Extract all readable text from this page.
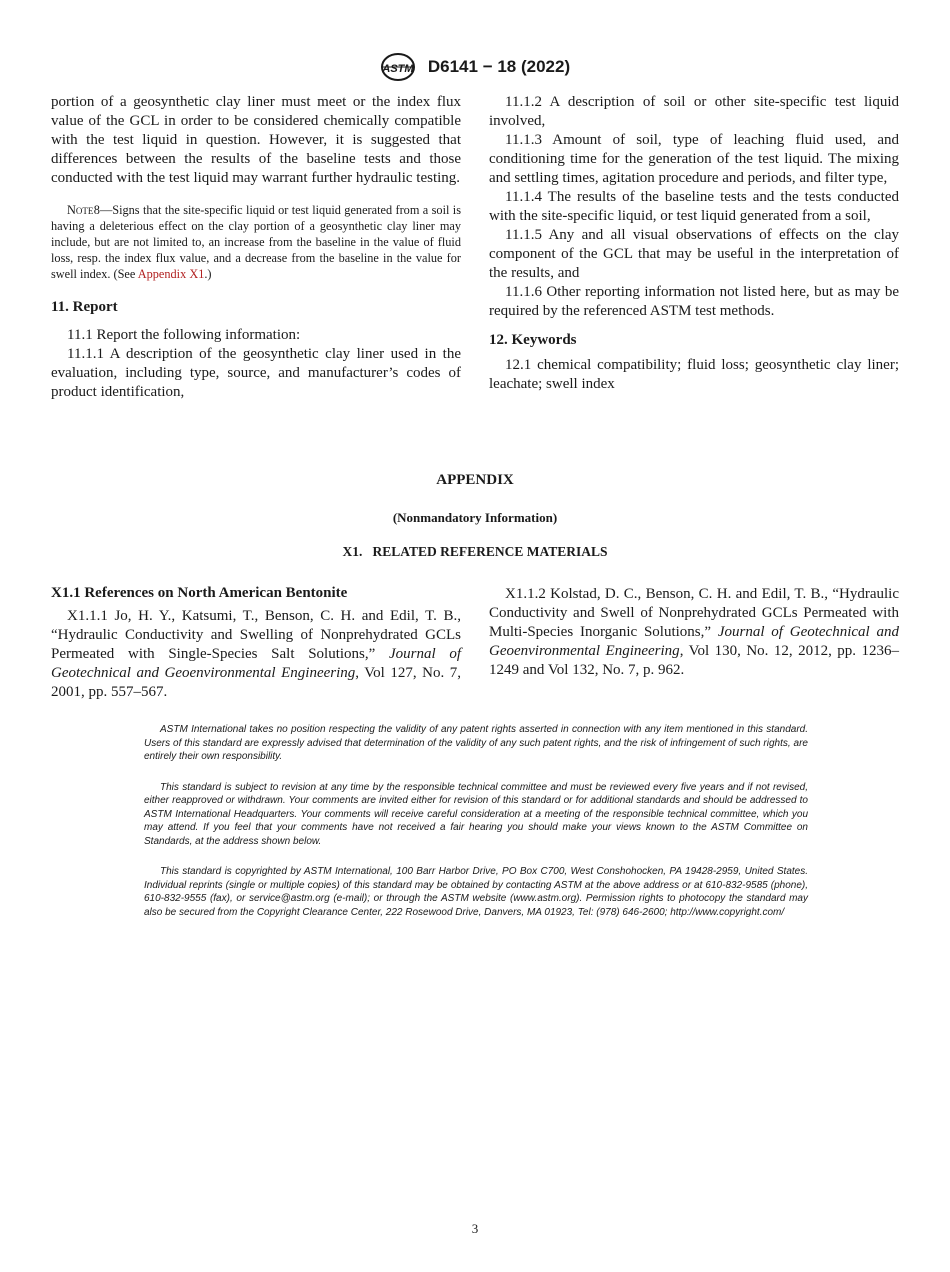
ASTM D6141 − 18 (2022)

portion of a geosynthetic clay liner must meet or the index flux value of the GCL in order to be considered chemically compatible with the test liquid in question. However, it is suggested that differences between the results of the baseline tests and those conducted with the test liquid may warrant further hydraulic testing.

Note 8—Signs that the site-specific liquid or test liquid generated from a soil is having a deleterious effect on the clay portion of a geosynthetic clay liner may include, but are not limited to, an increase from the baseline in the value of fluid loss, resp. the index flux value, and a decrease from the baseline in the value for swell index. (See Appendix X1.)

11. Report

11.1 Report the following information:

11.1.1 A description of the geosynthetic clay liner used in the evaluation, including type, source, and manufacturer’s codes of product identification,

11.1.2 A description of soil or other site-specific test liquid involved,

11.1.3 Amount of soil, type of leaching fluid used, and conditioning time for the generation of the test liquid. The mixing and settling times, agitation procedure and periods, and filter type,

11.1.4 The results of the baseline tests and the tests conducted with the site-specific liquid, or test liquid generated from a soil,

11.1.5 Any and all visual observations of effects on the clay component of the GCL that may be useful in the interpretation of the results, and

11.1.6 Other reporting information not listed here, but as may be required by the referenced ASTM test methods.

12. Keywords

12.1 chemical compatibility; fluid loss; geosynthetic clay liner; leachate; swell index

APPENDIX
(Nonmandatory Information)
X1.   RELATED REFERENCE MATERIALS
X1.1 References on North American Bentonite

X1.1.1 Jo, H. Y., Katsumi, T., Benson, C. H. and Edil, T. B., “Hydraulic Conductivity and Swelling of Nonprehydrated GCLs Permeated with Single-Species Salt Solutions,” Journal of Geotechnical and Geoenvironmental Engineering, Vol 127, No. 7, 2001, pp. 557–567.

X1.1.2 Kolstad, D. C., Benson, C. H. and Edil, T. B., “Hydraulic Conductivity and Swell of Nonprehydrated GCLs Permeated with Multi-Species Inorganic Solutions,” Journal of Geotechnical and Geoenvironmental Engineering, Vol 130, No. 12, 2012, pp. 1236–1249 and Vol 132, No. 7, p. 962.

ASTM International takes no position respecting the validity of any patent rights asserted in connection with any item mentioned in this standard. Users of this standard are expressly advised that determination of the validity of any such patent rights, and the risk of infringement of such rights, are entirely their own responsibility.

This standard is subject to revision at any time by the responsible technical committee and must be reviewed every five years and if not revised, either reapproved or withdrawn. Your comments are invited either for revision of this standard or for additional standards and should be addressed to ASTM International Headquarters. Your comments will receive careful consideration at a meeting of the responsible technical committee, which you may attend. If you feel that your comments have not received a fair hearing you should make your views known to the ASTM Committee on Standards, at the address shown below.

This standard is copyrighted by ASTM International, 100 Barr Harbor Drive, PO Box C700, West Conshohocken, PA 19428-2959, United States. Individual reprints (single or multiple copies) of this standard may be obtained by contacting ASTM at the above address or at 610-832-9585 (phone), 610-832-9555 (fax), or service@astm.org (e-mail); or through the ASTM website (www.astm.org). Permission rights to photocopy the standard may also be secured from the Copyright Clearance Center, 222 Rosewood Drive, Danvers, MA 01923, Tel: (978) 646-2600; http://www.copyright.com/

3
